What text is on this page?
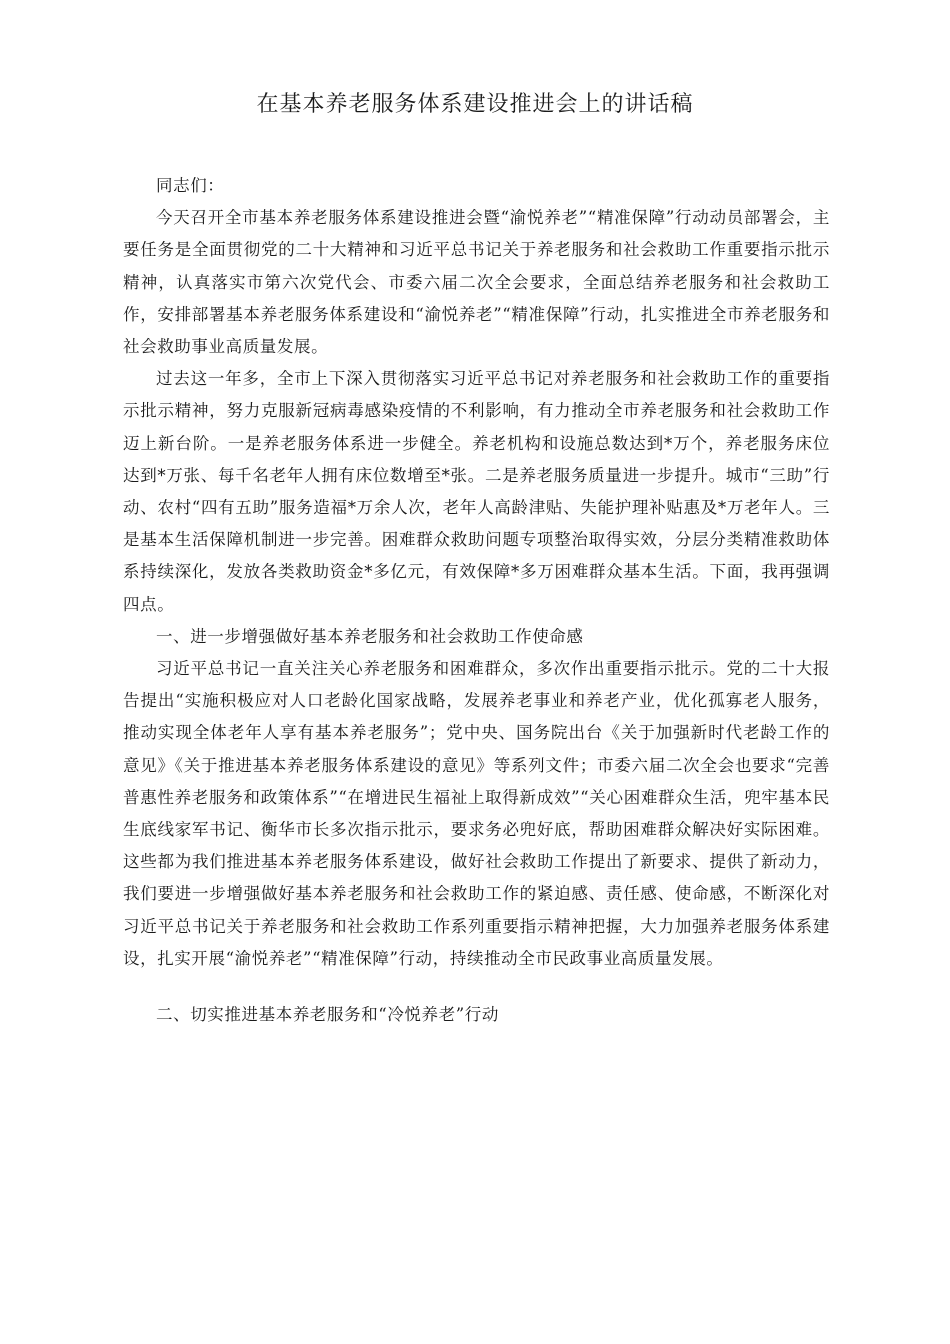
在基本养老服务体系建设推进会上的讲话稿

同志们：

今天召开全市基本养老服务体系建设推进会暨“渝悦养老”“精准保障”行动动员部署会，主要任务是全面贯彻党的二十大精神和习近平总书记关于养老服务和社会救助工作重要指示批示精神，认真落实市第六次党代会、市委六届二次全会要求，全面总结养老服务和社会救助工作，安排部署基本养老服务体系建设和“渝悦养老”“精准保障”行动，扎实推进全市养老服务和社会救助事业高质量发展。

过去这一年多，全市上下深入贯彻落实习近平总书记对养老服务和社会救助工作的重要指示批示精神，努力克服新冠病毒感染疫情的不利影响，有力推动全市养老服务和社会救助工作迈上新台阶。一是养老服务体系进一步健全。养老机构和设施总数达到*万个，养老服务床位达到*万张、每千名老年人拥有床位数增至*张。二是养老服务质量进一步提升。城市“三助”行动、农村“四有五助”服务造福*万余人次，老年人高龄津贴、失能护理补贴惠及*万老年人。三是基本生活保障机制进一步完善。困难群众救助问题专项整治取得实效，分层分类精准救助体系持续深化，发放各类救助资金*多亿元，有效保障*多万困难群众基本生活。下面，我再强调四点。

一、进一步增强做好基本养老服务和社会救助工作使命感

习近平总书记一直关注关心养老服务和困难群众，多次作出重要指示批示。党的二十大报告提出“实施积极应对人口老龄化国家战略，发展养老事业和养老产业，优化孤寡老人服务，推动实现全体老年人享有基本养老服务”；党中央、国务院出台《关于加强新时代老龄工作的意见》《关于推进基本养老服务体系建设的意见》等系列文件；市委六届二次全会也要求“完善普惠性养老服务和政策体系”“在增进民生福祉上取得新成效”“关心困难群众生活，兜牢基本民生底线家军书记、衡华市长多次指示批示，要求务必兜好底，帮助困难群众解决好实际困难。这些都为我们推进基本养老服务体系建设，做好社会救助工作提出了新要求、提供了新动力，我们要进一步增强做好基本养老服务和社会救助工作的紧迫感、责任感、使命感，不断深化对习近平总书记关于养老服务和社会救助工作系列重要指示精神把握，大力加强养老服务体系建设，扎实开展“渝悦养老”“精准保障”行动，持续推动全市民政事业高质量发展。

二、切实推进基本养老服务和“冷悦养老”行动
